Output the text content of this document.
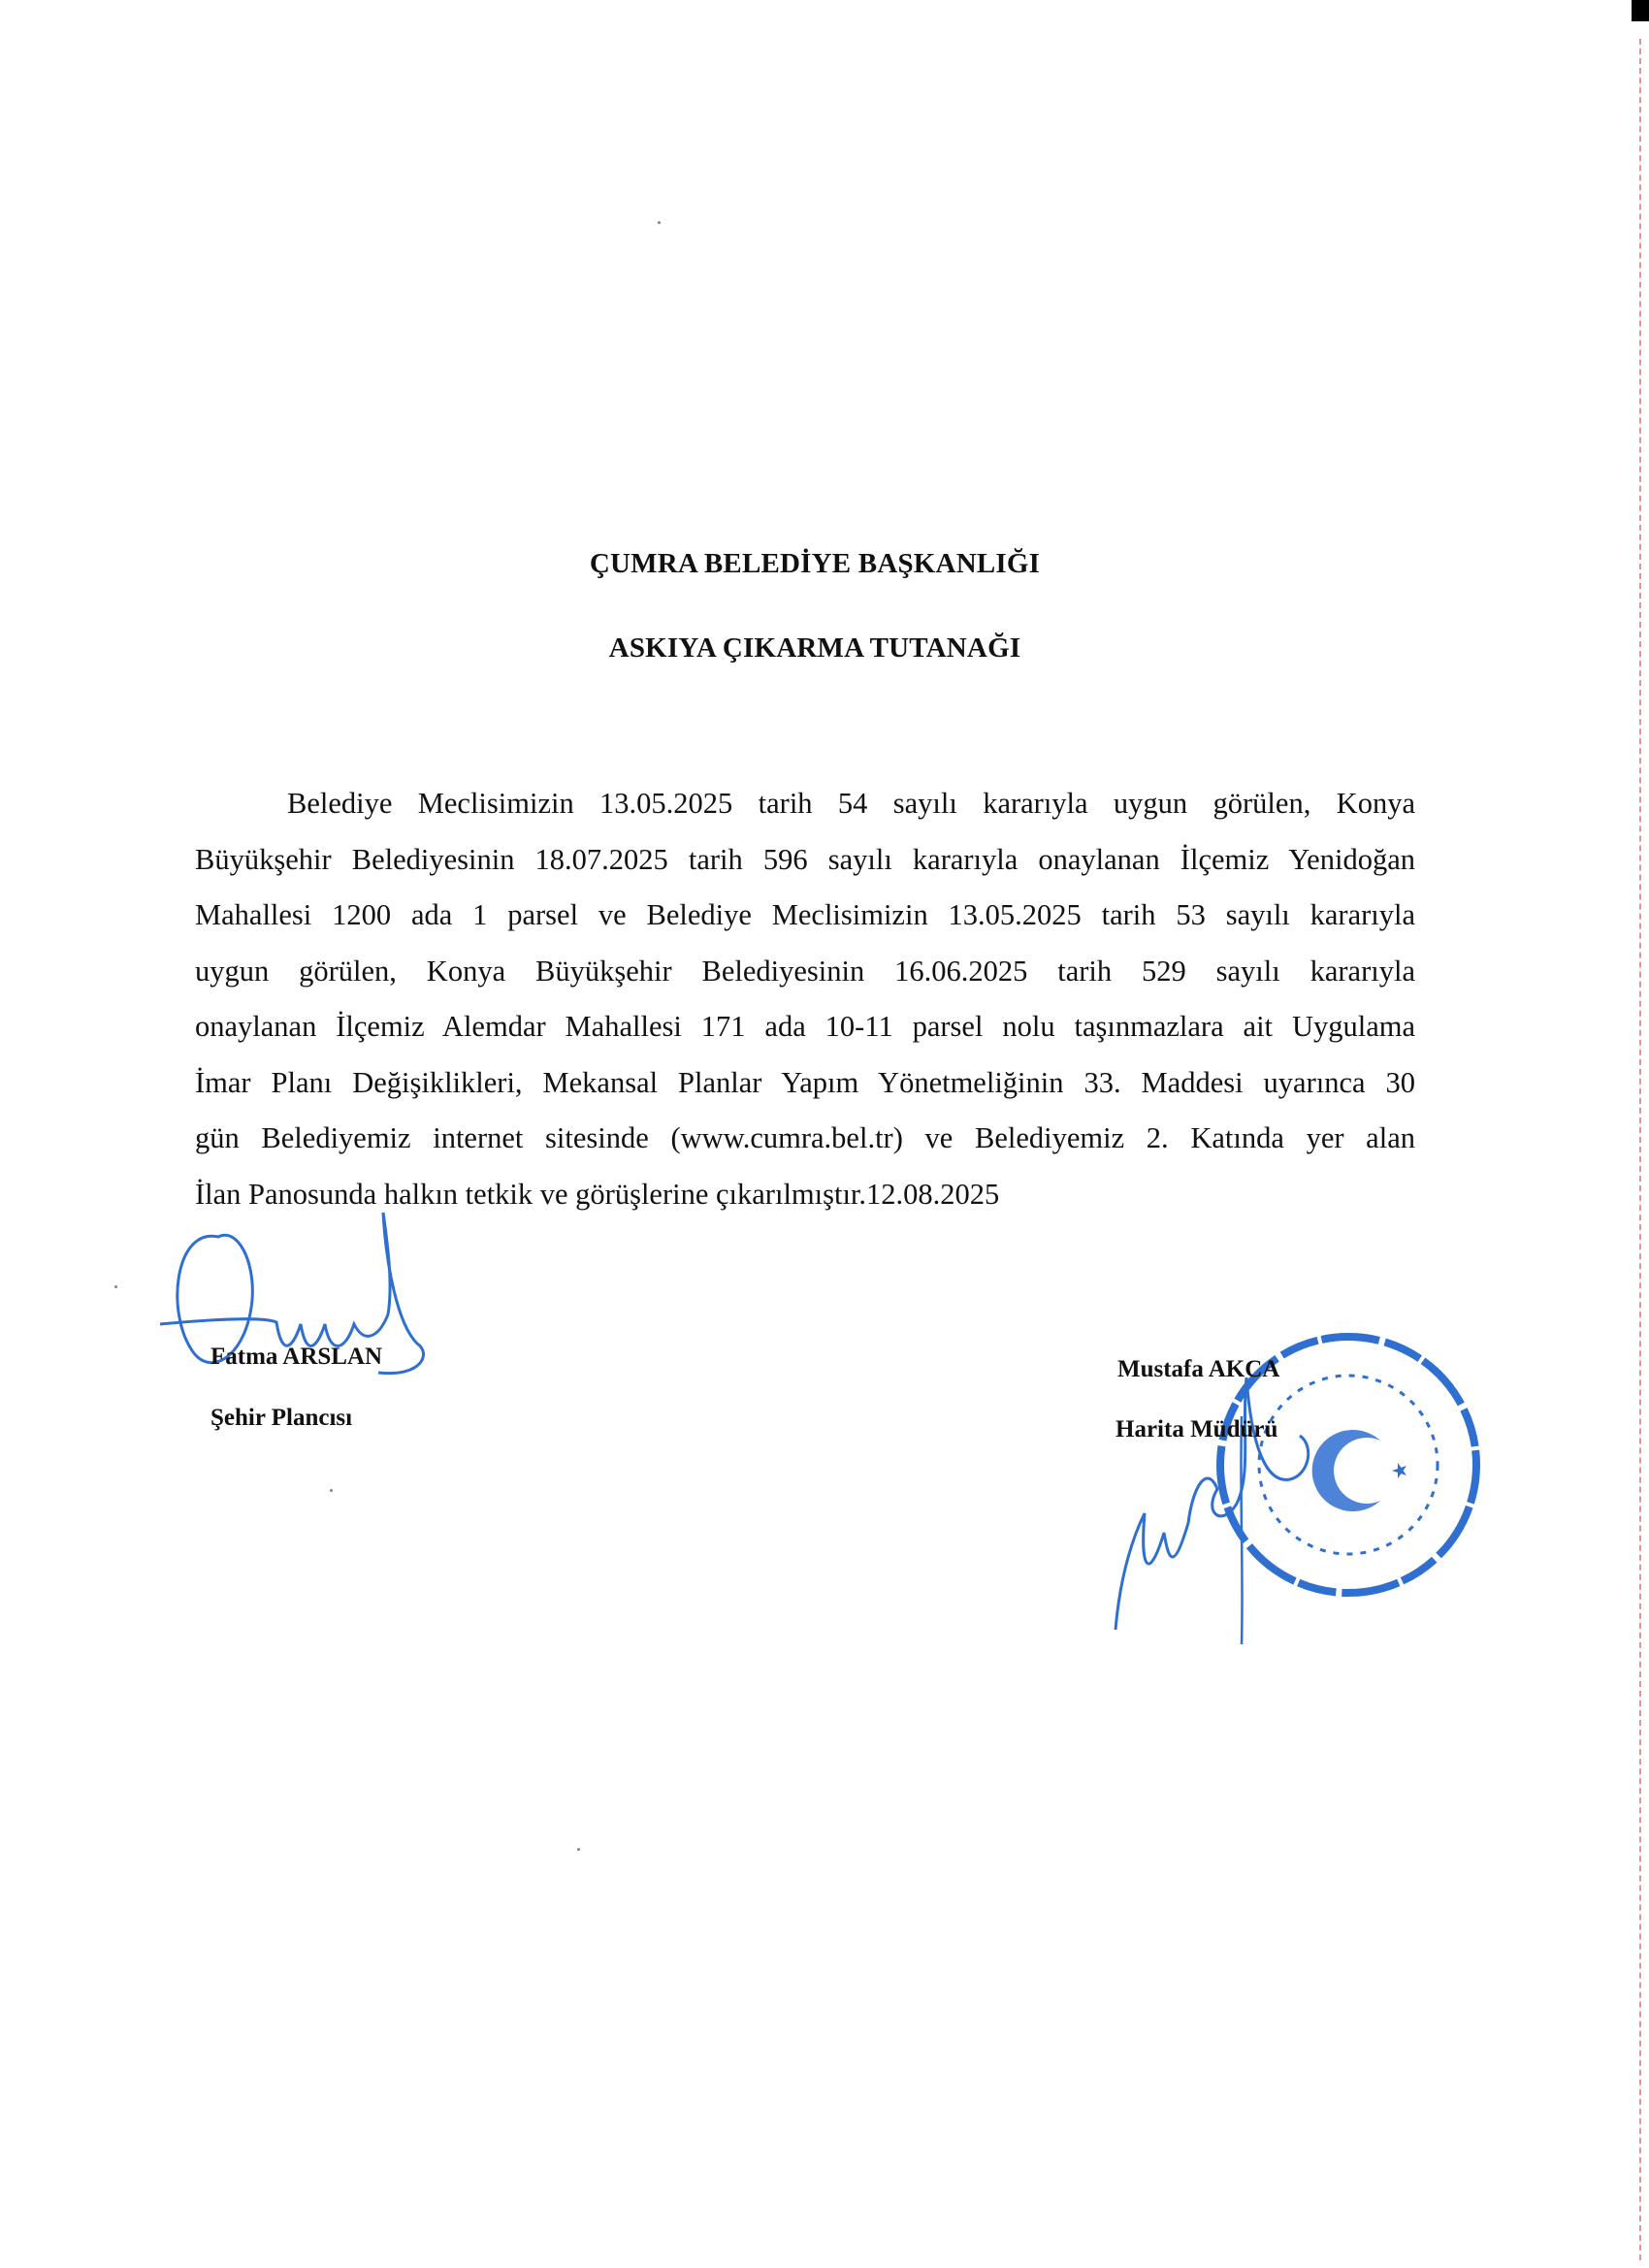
ÇUMRA BELEDİYE BAŞKANLIĞI
ASKIYA ÇIKARMA TUTANAĞI

Belediye Meclisimizin 13.05.2025 tarih 54 sayılı kararıyla uygun görülen, Konya
Büyükşehir Belediyesinin 18.07.2025 tarih 596 sayılı kararıyla onaylanan İlçemiz Yenidoğan
Mahallesi 1200 ada 1 parsel ve Belediye Meclisimizin 13.05.2025 tarih 53 sayılı kararıyla
uygun görülen, Konya Büyükşehir Belediyesinin 16.06.2025 tarih 529 sayılı kararıyla
onaylanan İlçemiz Alemdar Mahallesi 171 ada 10-11 parsel nolu taşınmazlara ait Uygulama
İmar Planı Değişiklikleri, Mekansal Planlar Yapım Yönetmeliğinin 33. Maddesi uyarınca 30
gün Belediyemiz internet sitesinde (www.cumra.bel.tr) ve Belediyemiz 2. Katında yer alan
İlan Panosunda halkın tetkik ve görüşlerine çıkarılmıştır.12.08.2025

Fatma ARSLAN
Şehir Plancısı
Mustafa AKCA
Harita Müdürü
